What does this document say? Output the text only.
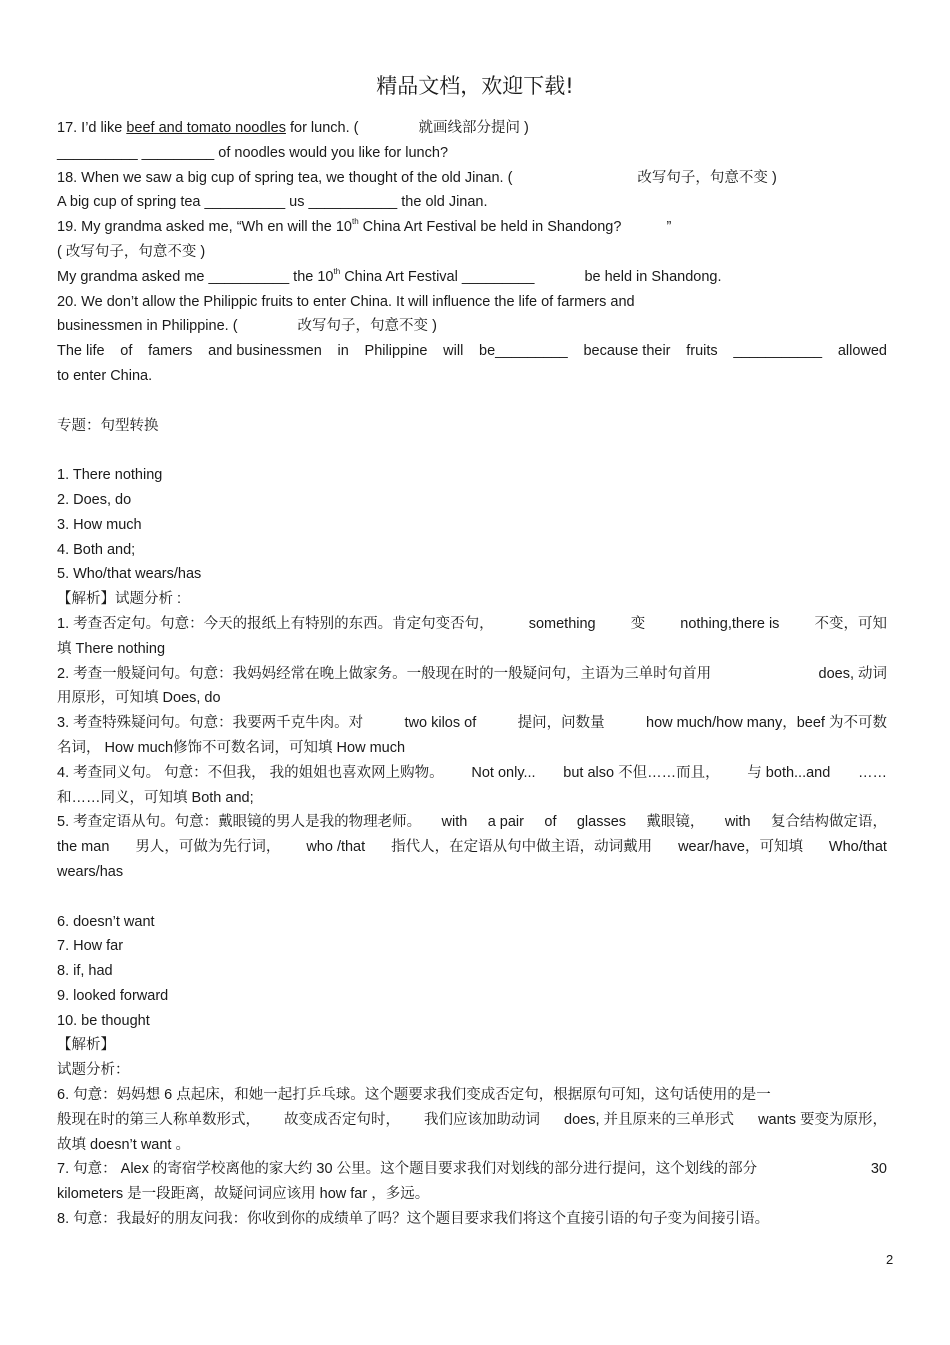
精品文档，欢迎下载!
17. I’d like beef and tomato noodles for lunch. (	就画线部分提问 )
__________ _________ of noodles would you like for lunch?
18. When we saw a big cup of spring tea, we thought of the old Jinan. (	改写句子，句意不变 )
A big cup of spring tea __________ us ___________ the old Jinan.
19. My grandma asked me, “Wh en will the 10th China Art Festival be held in Shandong?	”
( 改写句子，句意不变 )
My grandma asked me __________ the 10th China Art Festival _________	be held in Shandong.
20. We don’t allow the Philippic fruits to enter China. It will influence the life of farmers and
businessmen in Philippine. (	改写句子，句意不变 )
The life of famers and businessmen in Philippine will be_________ because their fruits ___________ allowed
to enter China.
专题：句型转换
1. There nothing
2. Does, do
3. How much
4. Both and;
5. Who/that wears/has
【解析】试题分析 :
1. 考查否定句。句意：今天的报纸上有特别的东西。肯定句变否句， something 变 nothing,there is 不变，可知
填 There nothing
2. 考查一般疑问句。句意：我妈妈经常在晚上做家务。一般现在时的一般疑问句，主语为三单时句首用	does, 动词
用原形，可知填 Does, do
3. 考查特殊疑问句。句意：我要两千克牛肉。对	two kilos of	提问，问数量	how much/how many，beef 为不可数
名词， How much修饰不可数名词，可知填 How much
4. 考查同义句。 句意：不但我， 我的姐姐也喜欢网上购物。 Not only... but also 不但……而且， 与 both...and ……
和……同义，可知填 Both and;
5. 考查定语从句。句意：戴眼镜的男人是我的物理老师。 with a pair of glasses 戴眼镜， with 复合结构做定语，
the man 男人，可做为先行词， who /that 指代人，在定语从句中做主语，动词戴用 wear/have，可知填 Who/that
wears/has
6. doesn’t want
7. How far
8. if, had
9. looked forward
10. be thought
【解析】
试题分析：
6. 句意：妈妈想 6 点起床，和她一起打乒乓球。这个题要求我们变成否定句，根据原句可知，这句话使用的是一
般现在时的第三人称单数形式， 故变成否定句时， 我们应该加助动词 does, 并且原来的三单形式 wants 要变为原形，
故填 doesn’t want 。
7. 句意： Alex 的寄宿学校离他的家大约 30 公里。这个题目要求我们对划线的部分进行提问，这个划线的部分	30
kilometers 是一段距离，故疑问词应该用 how far ，多远。
8. 句意：我最好的朋友问我：你收到你的成绩单了吗？这个题目要求我们将这个直接引语的句子变为间接引语。
2
